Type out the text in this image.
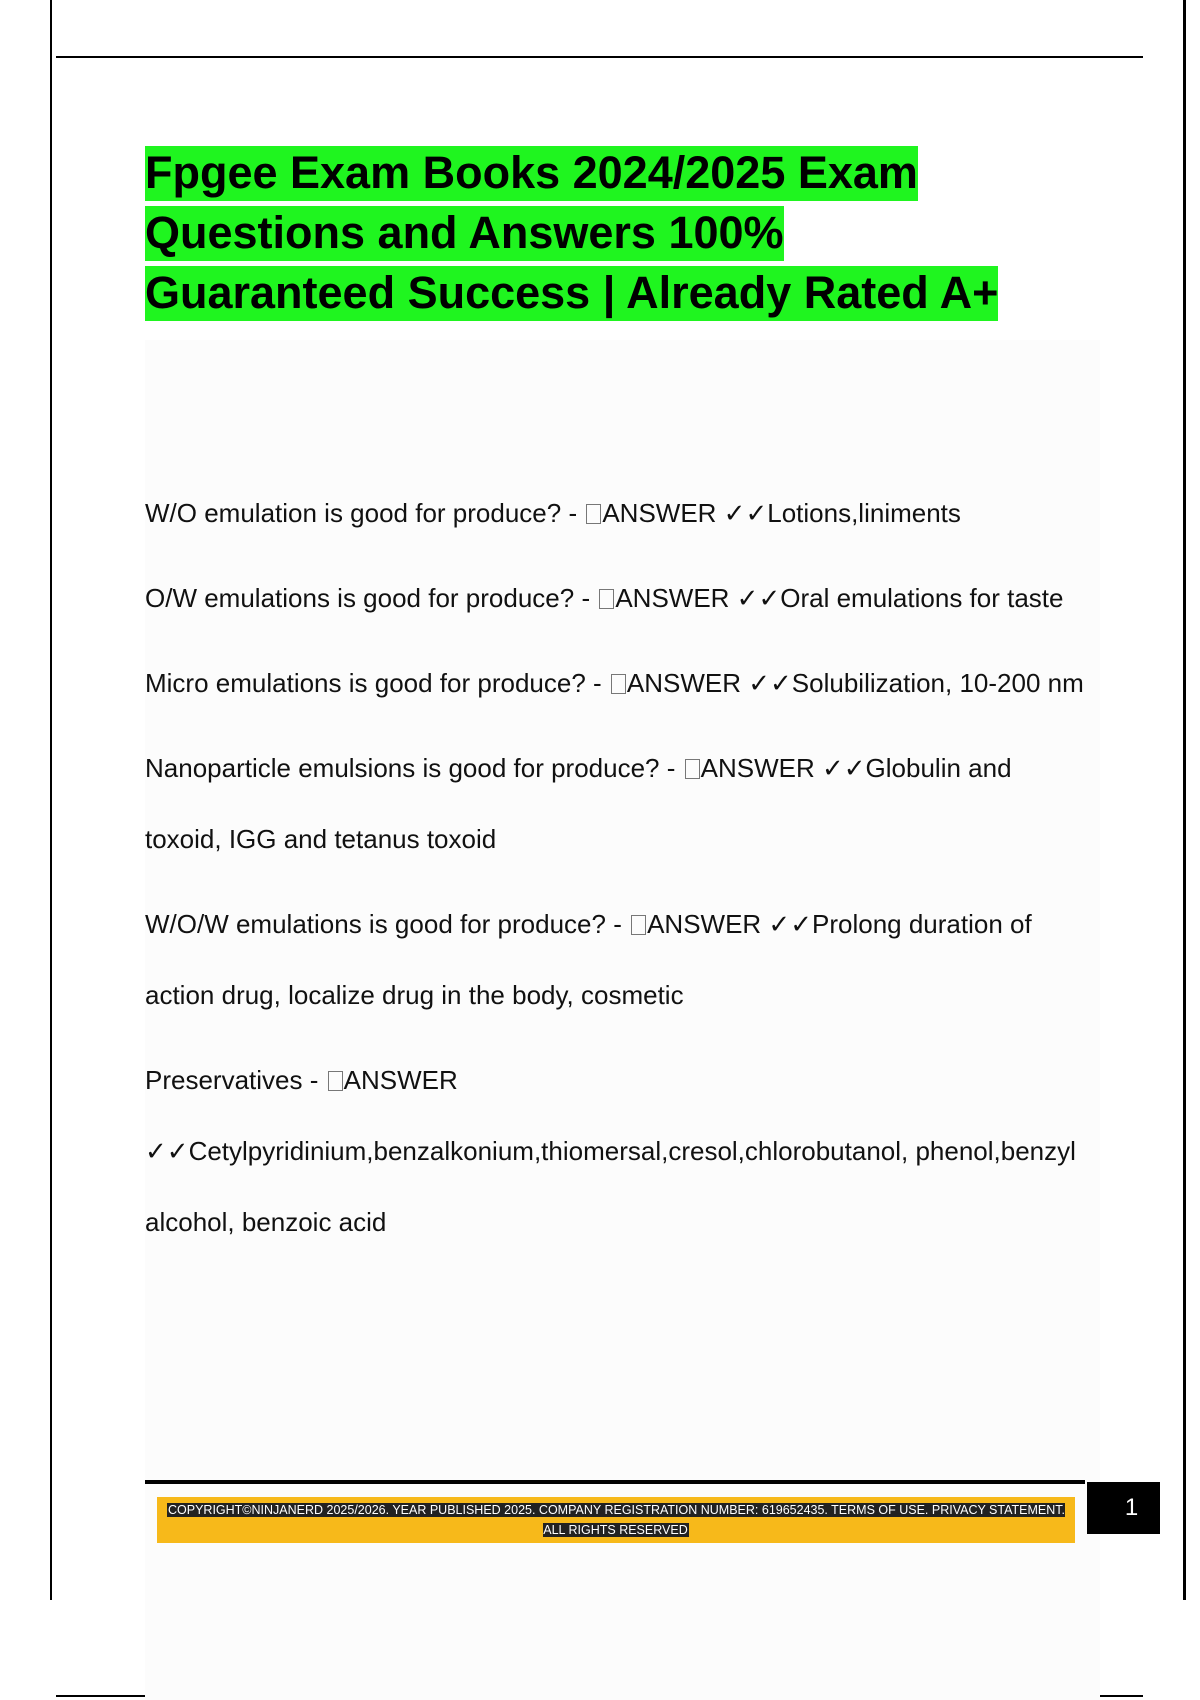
Fpgee Exam Books 2024/2025 Exam
Questions and Answers 100%
Guaranteed Success | Already Rated A+

W/O emulation is good for produce? - ANSWER ✓✓Lotions,liniments

O/W emulations is good for produce? - ANSWER ✓✓Oral emulations for taste

Micro emulations is good for produce? - ANSWER ✓✓Solubilization, 10-200 nm

Nanoparticle emulsions is good for produce? - ANSWER ✓✓Globulin and toxoid, IGG and tetanus toxoid

W/O/W emulations is good for produce? - ANSWER ✓✓Prolong duration of action drug, localize drug in the body, cosmetic

Preservatives - ANSWER ✓✓Cetylpyridinium,benzalkonium,thiomersal,cresol,chlorobutanol, phenol,benzyl alcohol, benzoic acid

COPYRIGHT©NINJANERD 2025/2026. YEAR PUBLISHED 2025. COMPANY REGISTRATION NUMBER: 619652435. TERMS OF USE. PRIVACY STATEMENT. ALL RIGHTS RESERVED
1
